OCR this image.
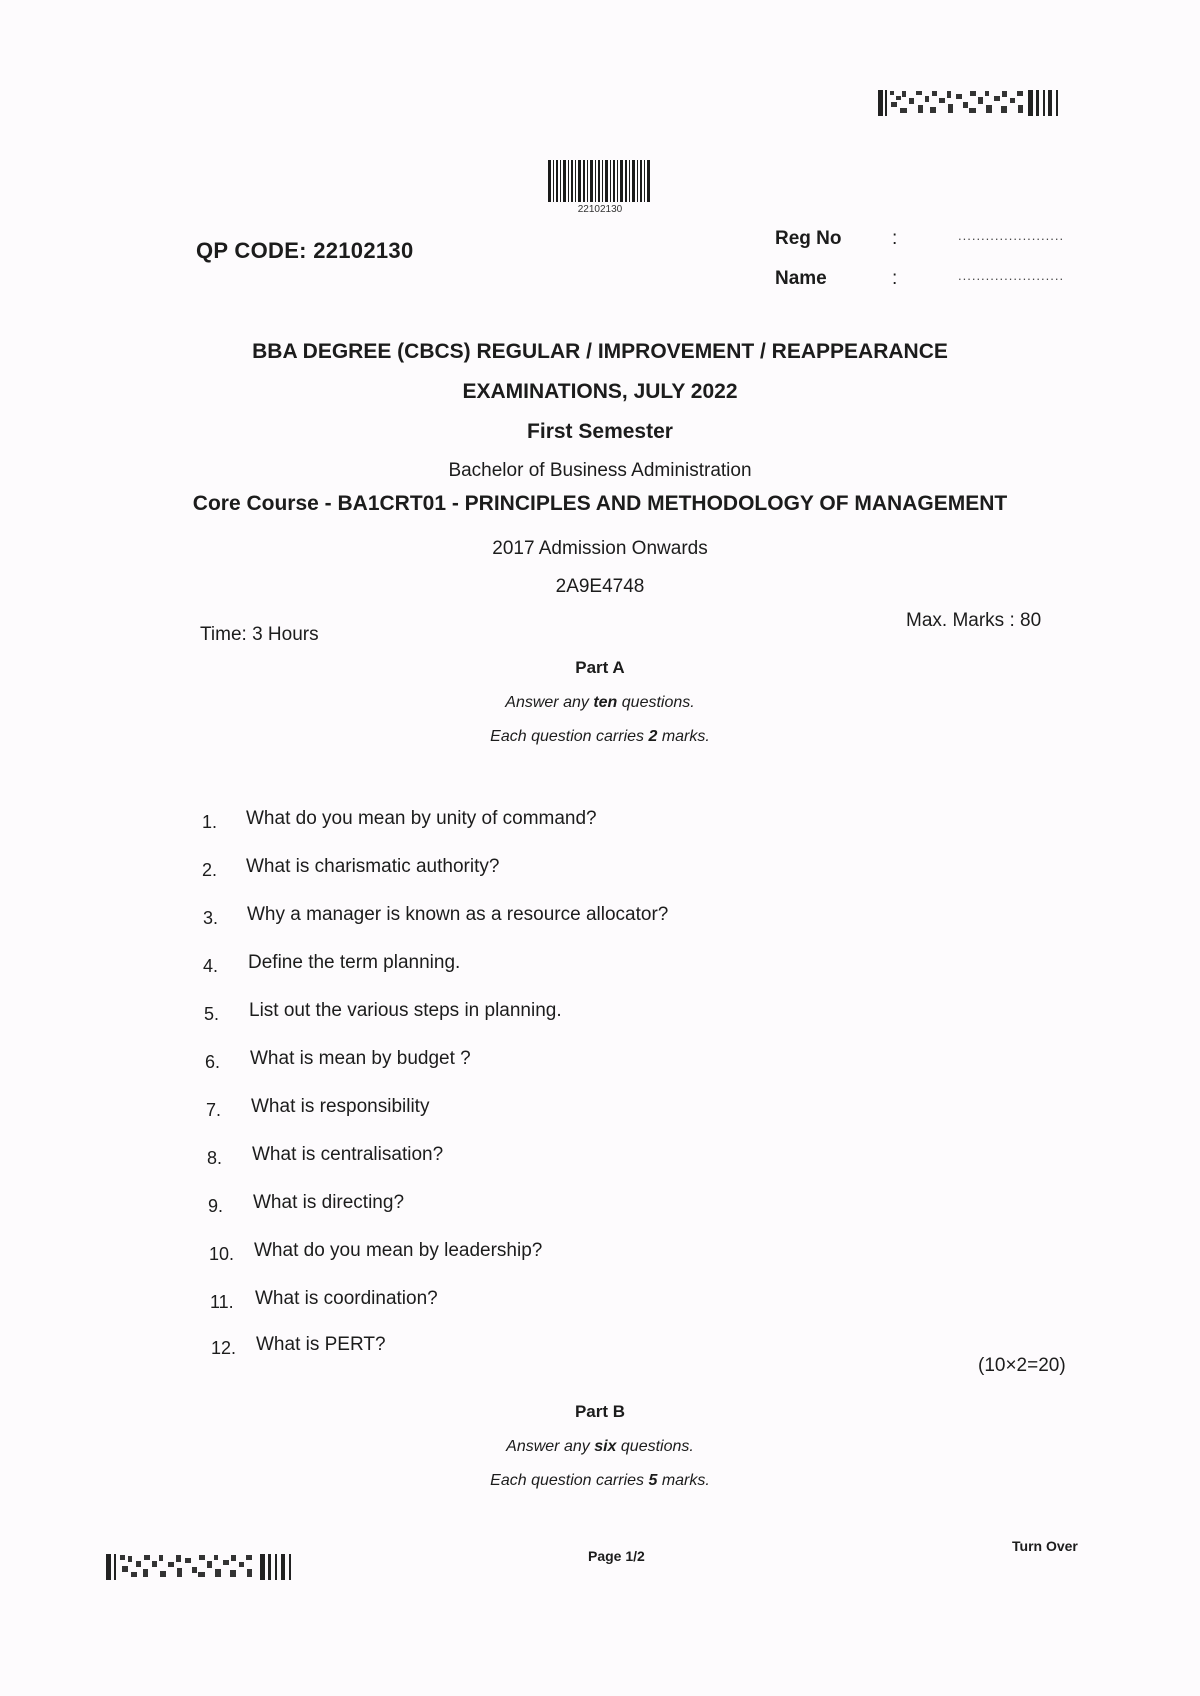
22102130
QP CODE: 22102130	Reg No	:	.......................
Name	:	.......................
BBA DEGREE (CBCS) REGULAR / IMPROVEMENT / REAPPEARANCE
EXAMINATIONS, JULY 2022
First Semester
Bachelor of Business Administration
Core Course - BA1CRT01 - PRINCIPLES AND METHODOLOGY OF MANAGEMENT
2017 Admission Onwards
2A9E4748
Time: 3 Hours
Max. Marks : 80
Part A
Answer any ten questions.
Each question carries 2 marks.
1.	What do you mean by unity of command?
2.	What is charismatic authority?
3.	Why a manager is known as a resource allocator?
4.	Define the term planning.
5.	List out the various steps in planning.
6.	What is mean by budget ?
7.	What is responsibility
8.	What is centralisation?
9.	What is directing?
10.	What do you mean by leadership?
11.	What is coordination?
12.	What is PERT?
(10×2=20)
Part B
Answer any six questions.
Each question carries 5 marks.
Page 1/2
Turn Over
